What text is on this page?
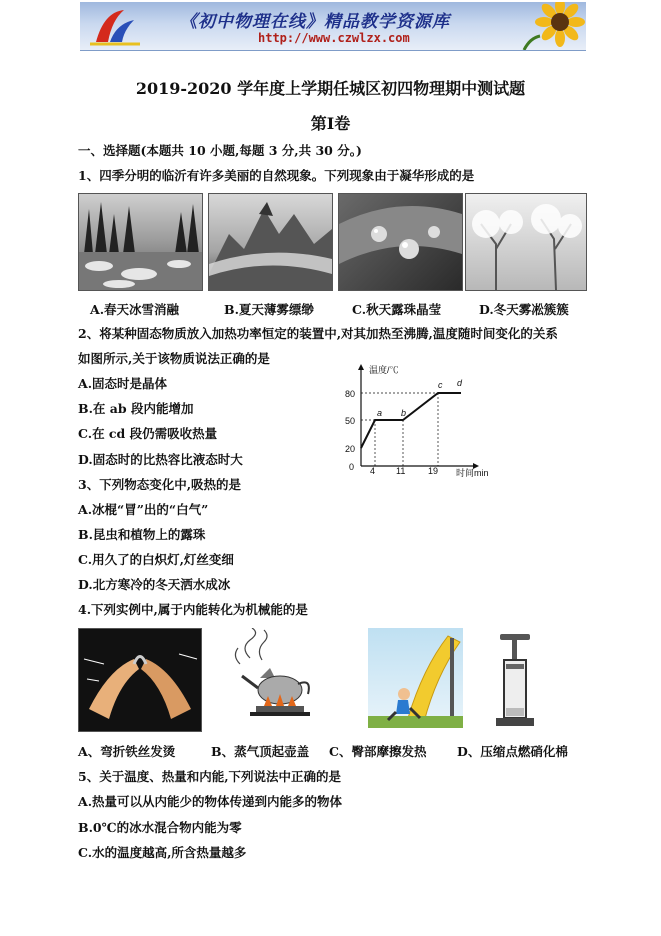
《初中物理在线》精品教学资源库
http://www.czwlzx.com
2019-2020 学年度上学期任城区初四物理期中测试题
第Ⅰ卷
一、选择题(本题共 10 小题,每题 3 分,共 30 分。)
1、四季分明的临沂有许多美丽的自然现象。下列现象由于凝华形成的是
A.春天冰雪消融	B.夏天薄雾缥缈	C.秋天露珠晶莹	D.冬天雾凇簇簇
2、将某种固态物质放入加热功率恒定的装置中,对其加热至沸腾,温度随时间变化的关系
如图所示,关于该物质说法正确的是
A.固态时是晶体
B.在 ab 段内能增加
C.在 cd 段仍需吸收热量
D.固态时的比热容比液态时大
温度/℃
时间min
80
50
20
0 4 11	19
a b
c d
3、下列物态变化中,吸热的是
A.冰棍“冒”出的“白气”
B.昆虫和植物上的露珠
C.用久了的白炽灯,灯丝变细
D.北方寒冷的冬天洒水成冰
4.下列实例中,属于内能转化为机械能的是
A、弯折铁丝发烫	B、蒸气顶起壶盖 C、臀部摩擦发热 D、压缩点燃硝化棉
5、关于温度、热量和内能,下列说法中正确的是
A.热量可以从内能少的物体传递到内能多的物体
B.0℃的冰水混合物内能为零
C.水的温度越高,所含热量越多
